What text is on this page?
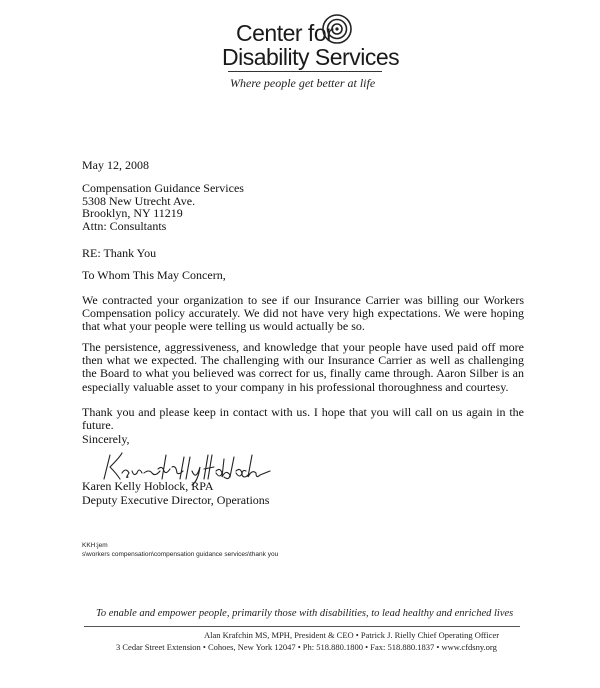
Center for
Disability Services
Where people get better at life
May 12, 2008
Compensation Guidance Services
5308 New Utrecht Ave.
Brooklyn, NY 11219
Attn: Consultants
RE: Thank You
To Whom This May Concern,
We contracted your organization to see if our Insurance Carrier was billing our Workers Compensation policy accurately. We did not have very high expectations. We were hoping that what your people were telling us would actually be so.
The persistence, aggressiveness, and knowledge that your people have used paid off more then what we expected. The challenging with our Insurance Carrier as well as challenging the Board to what you believed was correct for us, finally came through. Aaron Silber is an especially valuable asset to your company in his professional thoroughness and courtesy.
Thank you and please keep in contact with us. I hope that you will call on us again in the future.
Sincerely,
Karen Kelly Hoblock, RPA
Deputy Executive Director, Operations
KKH:jem
s\workers compensation\compensation guidance services\thank you
To enable and empower people, primarily those with disabilities, to lead healthy and enriched lives
Alan Krafchin MS, MPH, President & CEO • Patrick J. Rielly Chief Operating Officer
3 Cedar Street Extension • Cohoes, New York 12047 • Ph: 518.880.1800 • Fax: 518.880.1837 • www.cfdsny.org
